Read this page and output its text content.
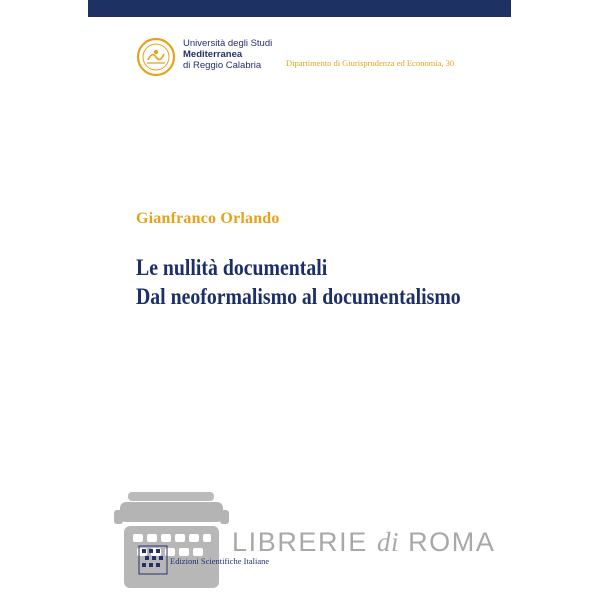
Università degli Studi
Mediterranea
di Reggio Calabria	Dipartimento di Giurisprudenza ed Economia, 30
Gianfranco Orlando
Le nullità documentali
Dal neoformalismo al documentalismo
LIBRERIE di ROMA
Edizioni Scientifiche Italiane
